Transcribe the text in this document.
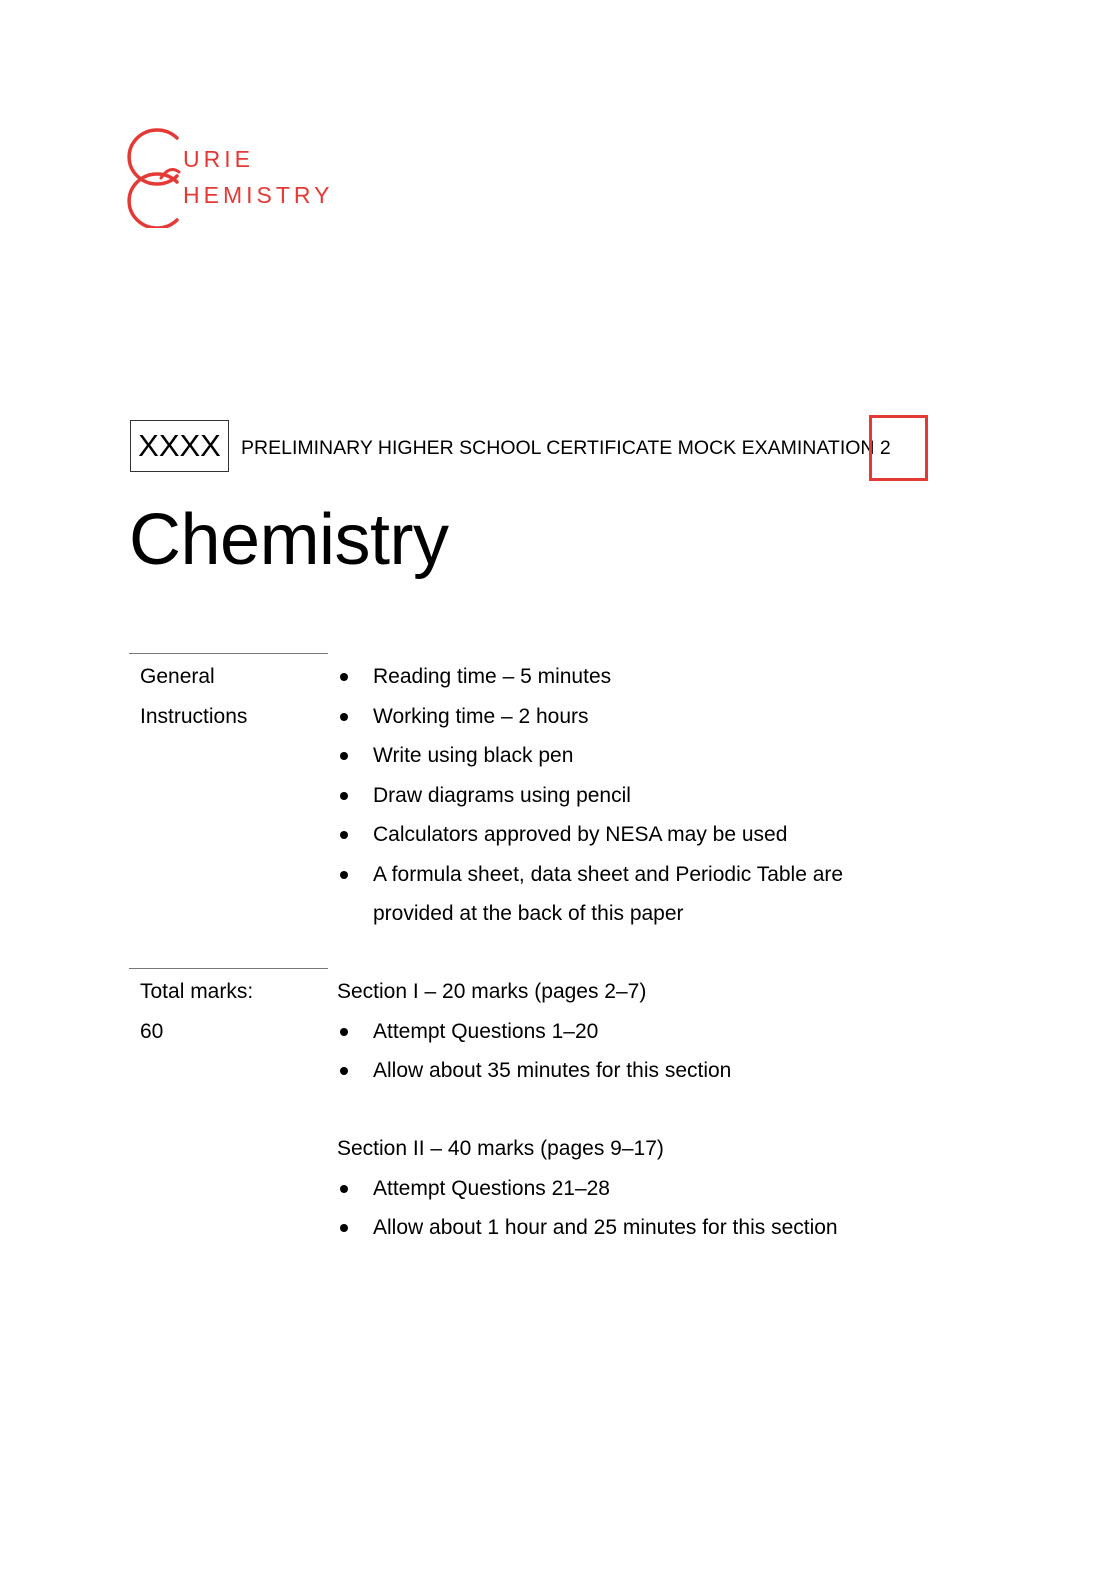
URIE
HEMISTRY
XXXX	PRELIMINARY HIGHER SCHOOL CERTIFICATE MOCK EXAMINATION 2
Chemistry
General
Instructions
Reading time – 5 minutes
Working time – 2 hours
Write using black pen
Draw diagrams using pencil
Calculators approved by NESA may be used
A formula sheet, data sheet and Periodic Table are
provided at the back of this paper
Total marks:
60
Section I – 20 marks (pages 2–7)
Attempt Questions 1–20
Allow about 35 minutes for this section
Section II – 40 marks (pages 9–17)
Attempt Questions 21–28
Allow about 1 hour and 25 minutes for this section
